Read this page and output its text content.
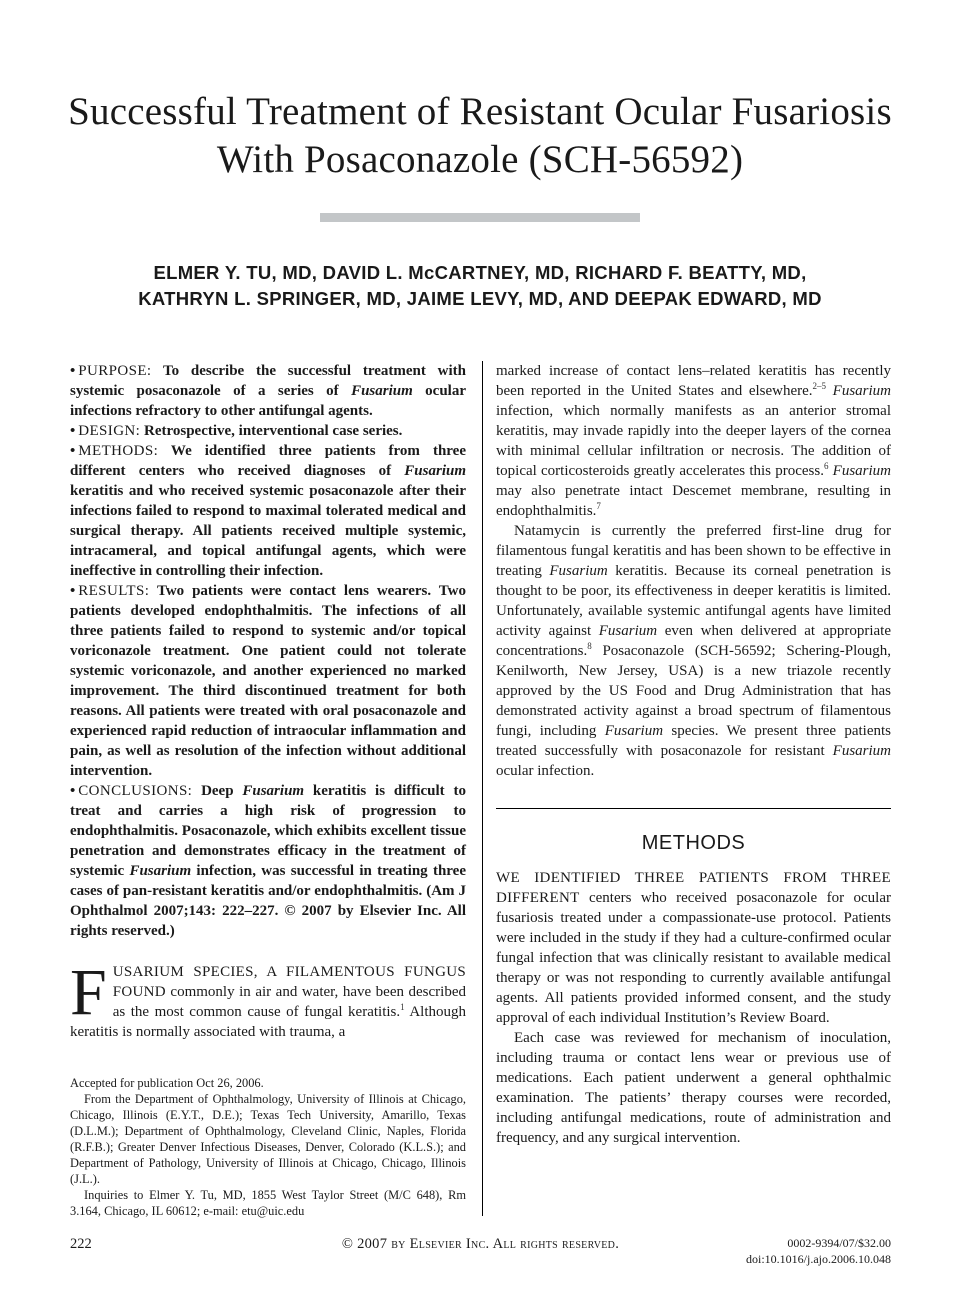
Successful Treatment of Resistant Ocular Fusariosis With Posaconazole (SCH-56592)
ELMER Y. TU, MD, DAVID L. McCARTNEY, MD, RICHARD F. BEATTY, MD,
KATHRYN L. SPRINGER, MD, JAIME LEVY, MD, AND DEEPAK EDWARD, MD

• PURPOSE: To describe the successful treatment with systemic posaconazole of a series of Fusarium ocular infections refractory to other antifungal agents.

• DESIGN: Retrospective, interventional case series.

• METHODS: We identified three patients from three different centers who received diagnoses of Fusarium keratitis and who received systemic posaconazole after their infections failed to respond to maximal tolerated medical and surgical therapy. All patients received multiple systemic, intracameral, and topical antifungal agents, which were ineffective in controlling their infection.

• RESULTS: Two patients were contact lens wearers. Two patients developed endophthalmitis. The infections of all three patients failed to respond to systemic and/or topical voriconazole treatment. One patient could not tolerate systemic voriconazole, and another experienced no marked improvement. The third discontinued treatment for both reasons. All patients were treated with oral posaconazole and experienced rapid reduction of intraocular inflammation and pain, as well as resolution of the infection without additional intervention.

• CONCLUSIONS: Deep Fusarium keratitis is difficult to treat and carries a high risk of progression to endophthalmitis. Posaconazole, which exhibits excellent tissue penetration and demonstrates efficacy in the treatment of systemic Fusarium infection, was successful in treating three cases of pan-resistant keratitis and/or endophthalmitis. (Am J Ophthalmol 2007;143: 222–227. © 2007 by Elsevier Inc. All rights reserved.)

FUSARIUM SPECIES, A FILAMENTOUS FUNGUS FOUND commonly in air and water, have been described as the most common cause of fungal keratitis.$^1$ Although keratitis is normally associated with trauma, a

Accepted for publication Oct 26, 2006.

From the Department of Ophthalmology, University of Illinois at Chicago, Chicago, Illinois (E.Y.T., D.E.); Texas Tech University, Amarillo, Texas (D.L.M.); Department of Ophthalmology, Cleveland Clinic, Naples, Florida (R.F.B.); Greater Denver Infectious Diseases, Denver, Colorado (K.L.S.); and Department of Pathology, University of Illinois at Chicago, Chicago, Illinois (J.L.).

Inquiries to Elmer Y. Tu, MD, 1855 West Taylor Street (M/C 648), Rm 3.164, Chicago, IL 60612; e-mail: etu@uic.edu

marked increase of contact lens–related keratitis has recently been reported in the United States and elsewhere.$^{2-5}$ Fusarium infection, which normally manifests as an anterior stromal keratitis, may invade rapidly into the deeper layers of the cornea with minimal cellular infiltration or necrosis. The addition of topical corticosteroids greatly accelerates this process.$^6$ Fusarium may also penetrate intact Descemet membrane, resulting in endophthalmitis.$^7$

Natamycin is currently the preferred first-line drug for filamentous fungal keratitis and has been shown to be effective in treating Fusarium keratitis. Because its corneal penetration is thought to be poor, its effectiveness in deeper keratitis is limited. Unfortunately, available systemic antifungal agents have limited activity against Fusarium even when delivered at appropriate concentrations.$^8$ Posaconazole (SCH-56592; Schering-Plough, Kenilworth, New Jersey, USA) is a new triazole recently approved by the US Food and Drug Administration that has demonstrated activity against a broad spectrum of filamentous fungi, including Fusarium species. We present three patients treated successfully with posaconazole for resistant Fusarium ocular infection.

METHODS

WE IDENTIFIED THREE PATIENTS FROM THREE DIFFERENT centers who received posaconazole for ocular fusariosis treated under a compassionate-use protocol. Patients were included in the study if they had a culture-confirmed ocular fungal infection that was clinically resistant to available medical therapy or was not responding to currently available antifungal agents. All patients provided informed consent, and the study approval of each individual Institution’s Review Board.

Each case was reviewed for mechanism of inoculation, including trauma or contact lens wear or previous use of medications. Each patient underwent a general ophthalmic examination. The patients’ therapy courses were recorded, including antifungal medications, route of administration and frequency, and any surgical intervention.

222	© 2007 by Elsevier Inc. All rights reserved.	0002-9394/07/$32.00
doi:10.1016/j.ajo.2006.10.048
